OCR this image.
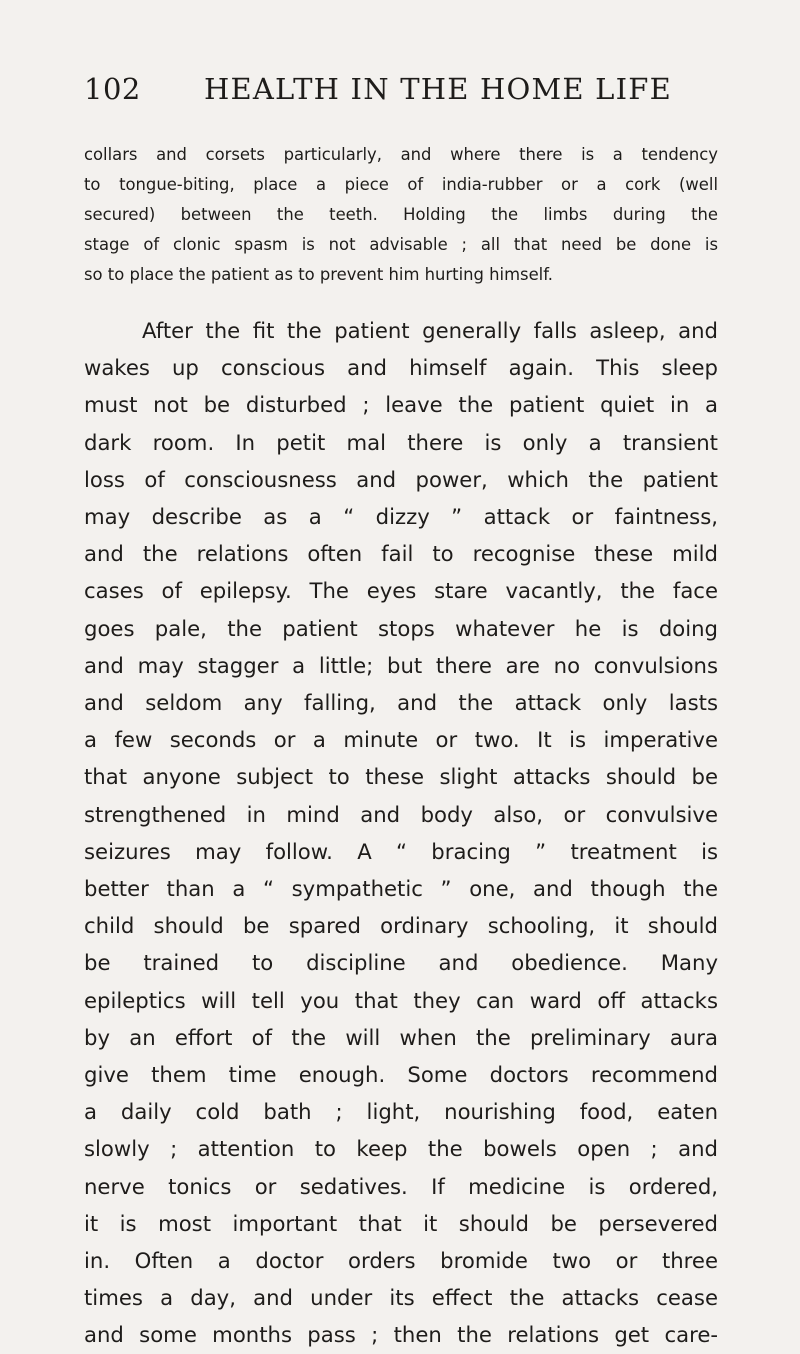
102 HEALTH IN THE HOME LIFE
collars and corsets particularly, and where there is a tendency
to tongue-biting, place a piece of india-rubber or a cork (well
secured) between the teeth. Holding the limbs during the
stage of clonic spasm is not advisable ; all that need be done is
so to place the patient as to prevent him hurting himself.
After the fit the patient generally falls asleep, and
wakes up conscious and himself again. This sleep
must not be disturbed ; leave the patient quiet in a
dark room. In petit mal there is only a transient
loss of consciousness and power, which the patient
may describe as a “ dizzy ” attack or faintness,
and the relations often fail to recognise these mild
cases of epilepsy. The eyes stare vacantly, the face
goes pale, the patient stops whatever he is doing
and may stagger a little; but there are no convulsions
and seldom any falling, and the attack only lasts
a few seconds or a minute or two. It is imperative
that anyone subject to these slight attacks should be
strengthened in mind and body also, or convulsive
seizures may follow. A “ bracing ” treatment is
better than a “ sympathetic ” one, and though the
child should be spared ordinary schooling, it should
be trained to discipline and obedience. Many
epileptics will tell you that they can ward off attacks
by an effort of the will when the preliminary aura
give them time enough. Some doctors recommend
a daily cold bath ; light, nourishing food, eaten
slowly ; attention to keep the bowels open ; and
nerve tonics or sedatives. If medicine is ordered,
it is most important that it should be persevered
in. Often a doctor orders bromide two or three
times a day, and under its effect the attacks cease
and some months pass ; then the relations get care-
